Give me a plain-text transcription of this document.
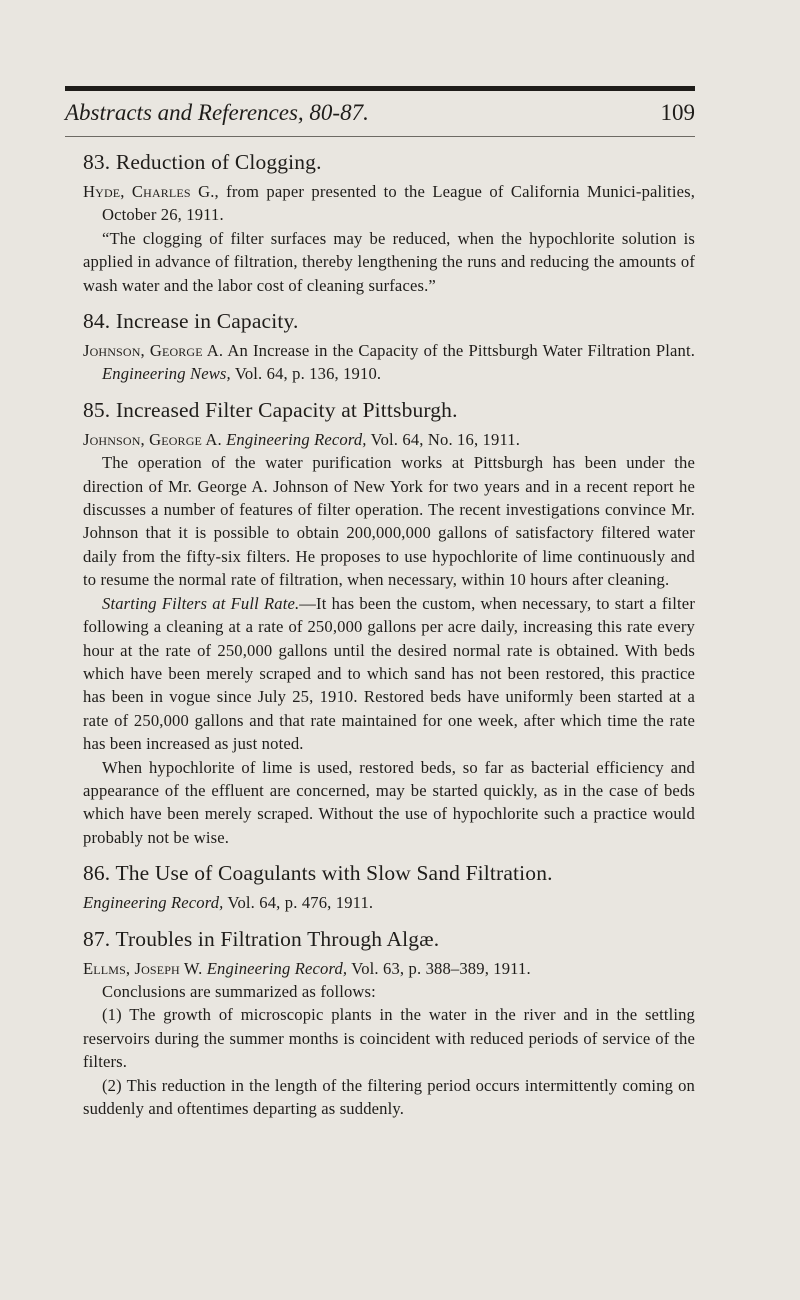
Abstracts and References, 80-87.	109
83. Reduction of Clogging.

Hyde, Charles G., from paper presented to the League of California Munici-palities, October 26, 1911.

“The clogging of filter surfaces may be reduced, when the hypochlorite solution is applied in advance of filtration, thereby lengthening the runs and reducing the amounts of wash water and the labor cost of cleaning surfaces.”

84. Increase in Capacity.

Johnson, George A. An Increase in the Capacity of the Pittsburgh Water Filtration Plant. Engineering News, Vol. 64, p. 136, 1910.

85. Increased Filter Capacity at Pittsburgh.

Johnson, George A. Engineering Record, Vol. 64, No. 16, 1911.

The operation of the water purification works at Pittsburgh has been under the direction of Mr. George A. Johnson of New York for two years and in a recent report he discusses a number of features of filter operation. The recent investigations convince Mr. Johnson that it is possible to obtain 200,000,000 gallons of satisfactory filtered water daily from the fifty-six filters. He proposes to use hypochlorite of lime continuously and to resume the normal rate of filtration, when necessary, within 10 hours after cleaning.

Starting Filters at Full Rate.—It has been the custom, when necessary, to start a filter following a cleaning at a rate of 250,000 gallons per acre daily, increasing this rate every hour at the rate of 250,000 gallons until the desired normal rate is obtained. With beds which have been merely scraped and to which sand has not been restored, this practice has been in vogue since July 25, 1910. Restored beds have uniformly been started at a rate of 250,000 gallons and that rate maintained for one week, after which time the rate has been increased as just noted.

When hypochlorite of lime is used, restored beds, so far as bacterial efficiency and appearance of the effluent are concerned, may be started quickly, as in the case of beds which have been merely scraped. Without the use of hypochlorite such a practice would probably not be wise.

86. The Use of Coagulants with Slow Sand Filtration.

Engineering Record, Vol. 64, p. 476, 1911.

87. Troubles in Filtration Through Algæ.

Ellms, Joseph W. Engineering Record, Vol. 63, p. 388–389, 1911.

Conclusions are summarized as follows:

(1) The growth of microscopic plants in the water in the river and in the settling reservoirs during the summer months is coincident with reduced periods of service of the filters.

(2) This reduction in the length of the filtering period occurs intermittently coming on suddenly and oftentimes departing as suddenly.
